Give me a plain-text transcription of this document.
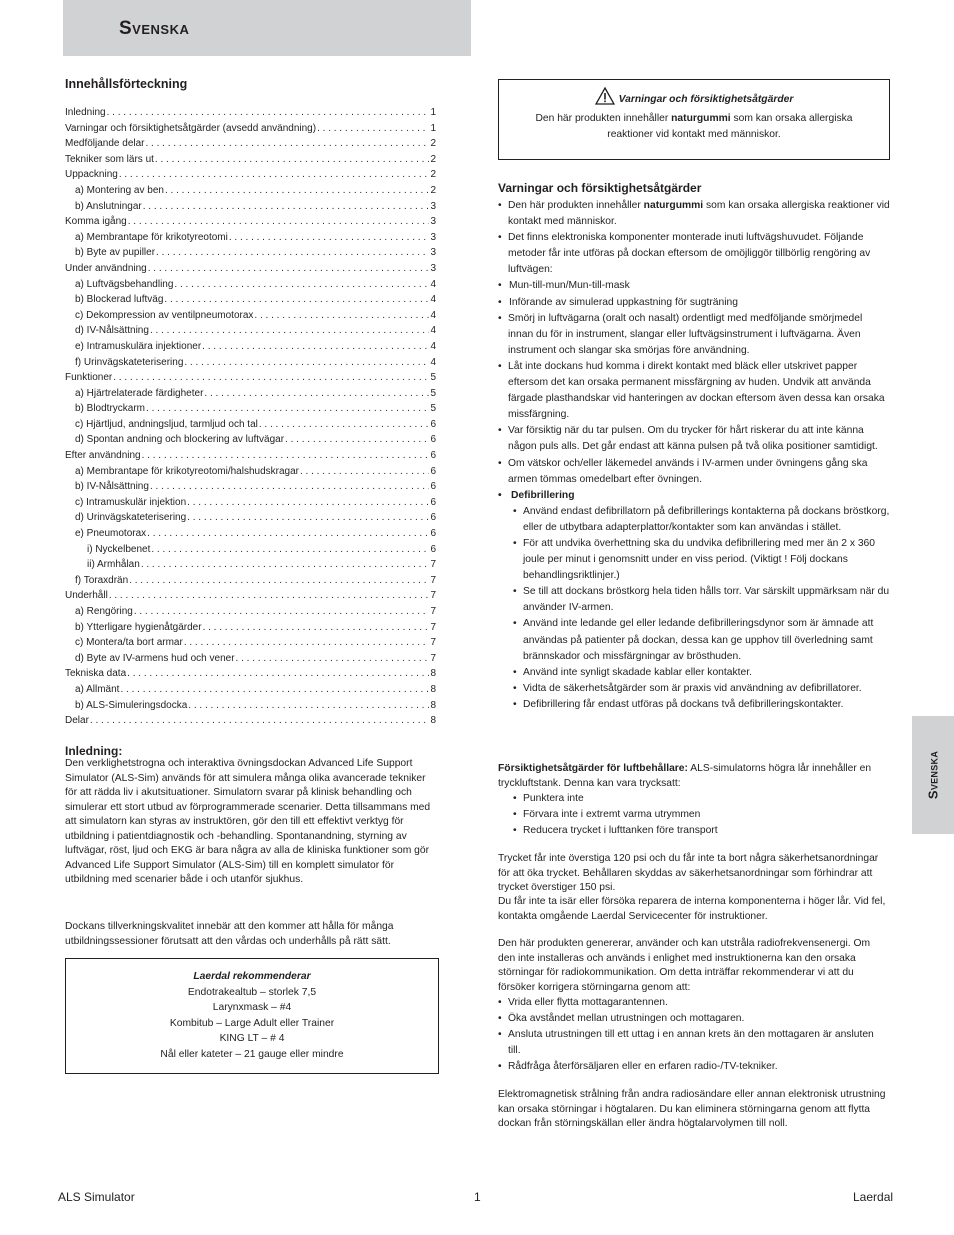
Svenska
Svenska
Innehållsförteckning
Inledning . . .	1
Varningar och försiktighetsåtgärder (avsedd användning) . . .	1
Medföljande delar . . .	2
Tekniker som lärs ut . . .	2
Uppackning . . .	2
a) Montering av ben . . .	2
b) Anslutningar . . .	3
Komma igång . . .	3
a) Membrantape för krikotyreotomi . . .	3
b) Byte av pupiller . . .	3
Under användning . . .	3
a) Luftvägsbehandling . . .	4
b) Blockerad luftväg . . .	4
c) Dekompression av ventilpneumotorax . . .	4
d) IV-Nålsättning . . .	4
e) Intramuskulära injektioner . . .	4
f) Urinvägskateterisering . . .	4
Funktioner . . .	5
a) Hjärtrelaterade färdigheter . . .	5
b) Blodtryckarm . . .	5
c) Hjärtljud, andningsljud, tarmljud och tal . . .	6
d) Spontan andning och blockering av luftvägar . . .	6
Efter användning . . .	6
a) Membrantape för krikotyreotomi/halshudskragar . . .	6
b) IV-Nålsättning . . .	6
c) Intramuskulär injektion . . .	6
d) Urinvägskateterisering . . .	6
e) Pneumotorax . . .	6
i) Nyckelbenet . . .	6
ii) Armhålan . . .	7
f) Toraxdrän . . .	7
Underhåll . . .	7
a) Rengöring . . .	7
b) Ytterligare hygienåtgärder . . .	7
c) Montera/ta bort armar . . .	7
d) Byte av IV-armens hud och vener . . .	7
Tekniska data . . .	8
a) Allmänt . . .	8
b) ALS-Simuleringsdocka . . .	8
Delar . . .	8
Inledning:
Den verklighetstrogna och interaktiva övningsdockan Advanced Life Support Simulator (ALS-Sim) används för att simulera många olika avancerade tekniker för att rädda liv i akutsituationer. Simulatorn svarar på klinisk behandling och simulerar ett stort utbud av förprogrammerade scenarier. Detta tillsammans med att simulatorn kan styras av instruktören, gör den till ett effektivt verktyg för utbildning i patientdiagnostik och -behandling. Spontanandning, styrning av luftvägar, röst, ljud och EKG är bara några av alla de kliniska funktioner som gör Advanced Life Support Simulator (ALS-Sim) till en komplett simulator för utbildning med scenarier både i och utanför sjukhus.
Dockans tillverkningskvalitet innebär att den kommer att hålla för många utbildningssessioner förutsatt att den vårdas och underhålls på rätt sätt.
Laerdal rekommenderar
Endotrakealtub – storlek 7,5
Larynxmask – #4
Kombitub – Large Adult eller Trainer
KING LT – # 4
Nål eller kateter – 21 gauge eller mindre
Varningar och försiktighetsåtgärder
Den här produkten innehåller naturgummi som kan orsaka allergiska reaktioner vid kontakt med människor.
Varningar och försiktighetsåtgärder
• Den här produkten innehåller naturgummi som kan orsaka allergiska reaktioner vid kontakt med människor.
• Det finns elektroniska komponenter monterade inuti luftvägshuvudet. Följande metoder får inte utföras på dockan eftersom de omöjliggör tillbörlig rengöring av luftvägen:
• Mun-till-mun/Mun-till-mask
• Införande av simulerad uppkastning för sugträning
• Smörj in luftvägarna (oralt och nasalt) ordentligt med medföljande smörjmedel innan du för in instrument, slangar eller luftvägsinstrument i luftvägarna. Även instrument och slangar ska smörjas före användning.
• Låt inte dockans hud komma i direkt kontakt med bläck eller utskrivet papper eftersom det kan orsaka permanent missfärgning av huden. Undvik att använda färgade plasthandskar vid hanteringen av dockan eftersom även dessa kan orsaka missfärgning.
• Var försiktig när du tar pulsen. Om du trycker för hårt riskerar du att inte känna någon puls alls. Det går endast att känna pulsen på två olika positioner samtidigt.
• Om vätskor och/eller läkemedel används i IV-armen under övningens gång ska armen tömmas omedelbart efter övningen.
• Defibrillering
• Använd endast defibrillatorn på defibrillerings kontakterna på dockans bröstkorg, eller de utbytbara adapterplattor/kontakter som kan användas i stället.
• För att undvika överhettning ska du undvika defibrillering med mer än 2 x 360 joule per minut i genomsnitt under en viss period. (Viktigt ! Följ dockans behandlingsriktlinjer.)
• Se till att dockans bröstkorg hela tiden hålls torr. Var särskilt uppmärksam när du använder IV-armen.
• Använd inte ledande gel eller ledande defibrilleringsdynor som är ämnade att användas på patienter på dockan, dessa kan ge upphov till överledning samt brännskador och missfärgningar av brösthuden.
• Använd inte synligt skadade kablar eller kontakter.
• Vidta de säkerhetsåtgärder som är praxis vid användning av defibrillatorer.
• Defibrillering får endast utföras på dockans två defibrilleringskontakter.
Försiktighetsåtgärder för luftbehållare: ALS-simulatorns högra lår innehåller en tryckluftstank. Denna kan vara trycksatt:
• Punktera inte
• Förvara inte i extremt varma utrymmen
• Reducera trycket i lufttanken före transport
Trycket får inte överstiga 120 psi och du får inte ta bort några säkerhetsanordningar för att öka trycket. Behållaren skyddas av säkerhetsanordningar som förhindrar att trycket överstiger 150 psi.
Du får inte ta isär eller försöka reparera de interna komponenterna i höger lår. Vid fel, kontakta omgående Laerdal Servicecenter för instruktioner.
Den här produkten genererar, använder och kan utstråla radiofrekvensenergi. Om den inte installeras och används i enlighet med instruktionerna kan den orsaka störningar för radiokommunikation. Om detta inträffar rekommenderar vi att du försöker korrigera störningarna genom att:
• Vrida eller flytta mottagarantennen.
• Öka avståndet mellan utrustningen och mottagaren.
• Ansluta utrustningen till ett uttag i en annan krets än den mottagaren är ansluten till.
• Rådfråga återförsäljaren eller en erfaren radio-/TV-tekniker.
Elektromagnetisk strålning från andra radiosändare eller annan elektronisk utrustning kan orsaka störningar i högtalaren. Du kan eliminera störningarna genom att flytta dockan från störningskällan eller ändra högtalarvolymen till noll.
ALS Simulator	1	Laerdal
